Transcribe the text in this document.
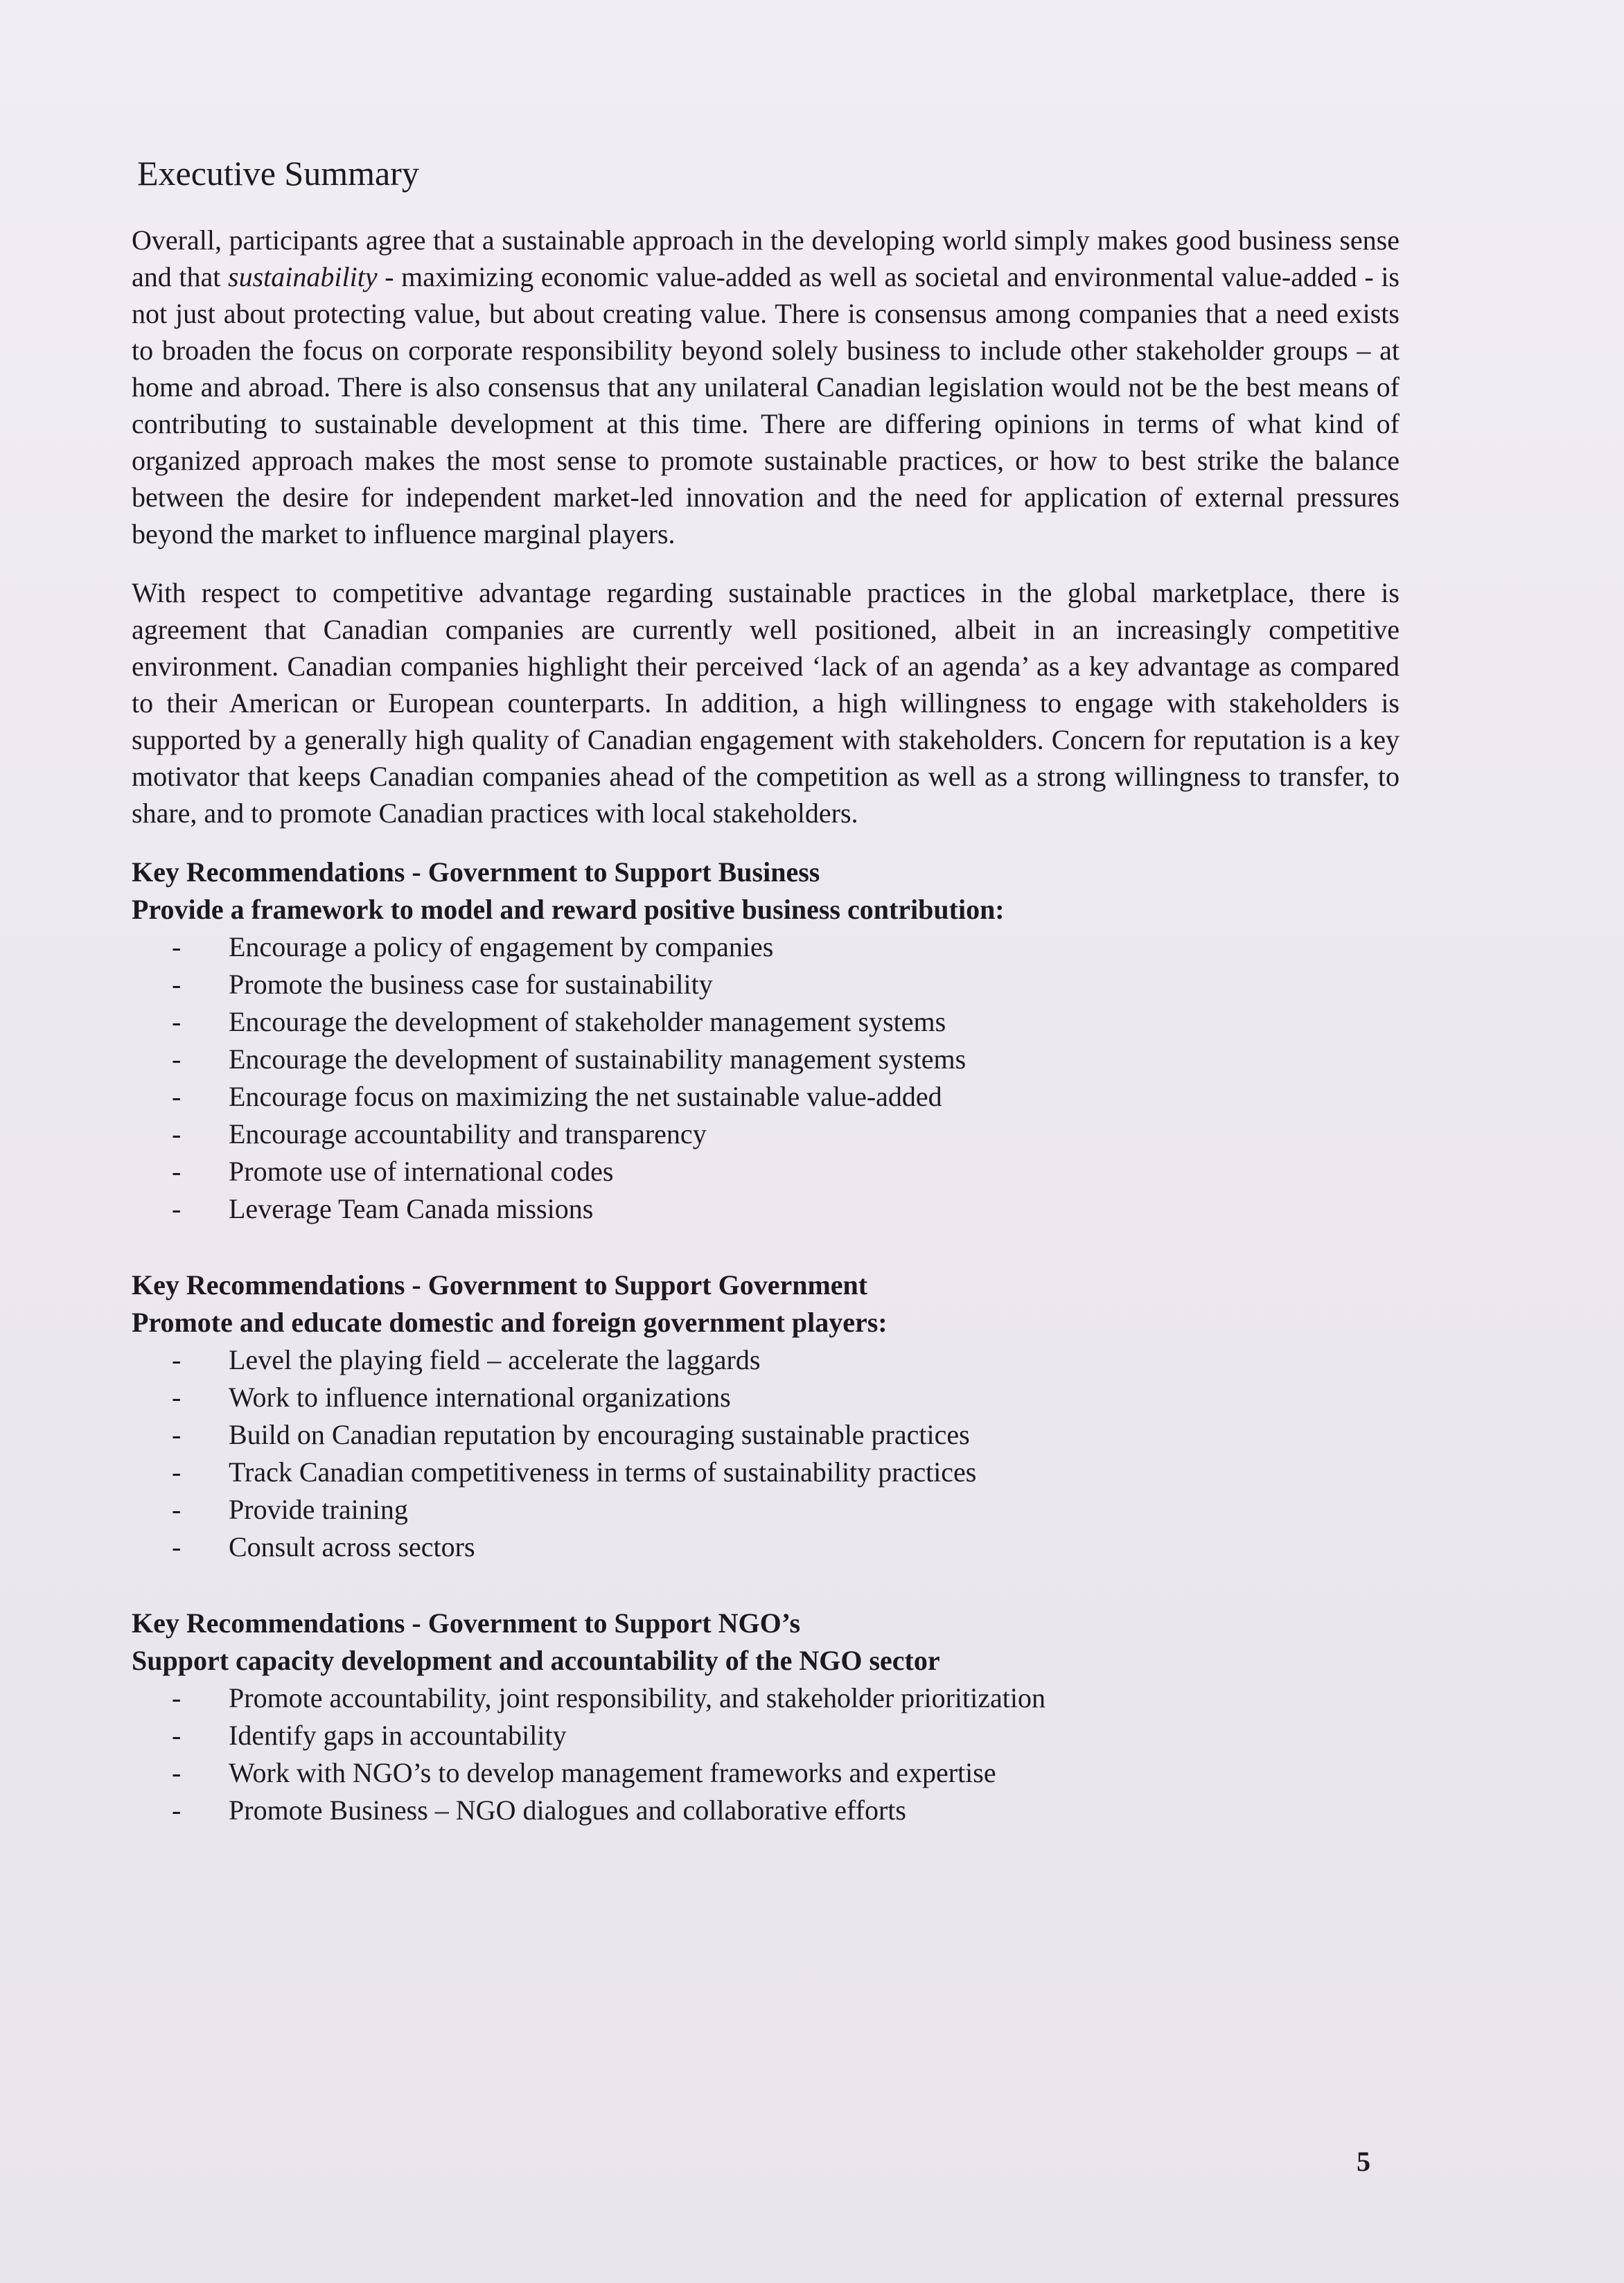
Executive Summary

Overall, participants agree that a sustainable approach in the developing world simply makes good business sense and that sustainability - maximizing economic value-added as well as societal and environmental value-added - is not just about protecting value, but about creating value. There is consensus among companies that a need exists to broaden the focus on corporate responsibility beyond solely business to include other stakeholder groups – at home and abroad. There is also consensus that any unilateral Canadian legislation would not be the best means of contributing to sustainable development at this time. There are differing opinions in terms of what kind of organized approach makes the most sense to promote sustainable practices, or how to best strike the balance between the desire for independent market-led innovation and the need for application of external pressures beyond the market to influence marginal players.

With respect to competitive advantage regarding sustainable practices in the global marketplace, there is agreement that Canadian companies are currently well positioned, albeit in an increasingly competitive environment. Canadian companies highlight their perceived ‘lack of an agenda’ as a key advantage as compared to their American or European counterparts. In addition, a high willingness to engage with stakeholders is supported by a generally high quality of Canadian engagement with stakeholders. Concern for reputation is a key motivator that keeps Canadian companies ahead of the competition as well as a strong willingness to transfer, to share, and to promote Canadian practices with local stakeholders.

Key Recommendations - Government to Support Business

Provide a framework to model and reward positive business contribution:

- Encourage a policy of engagement by companies
- Promote the business case for sustainability
- Encourage the development of stakeholder management systems
- Encourage the development of sustainability management systems
- Encourage focus on maximizing the net sustainable value-added
- Encourage accountability and transparency
- Promote use of international codes
- Leverage Team Canada missions

Key Recommendations - Government to Support Government

Promote and educate domestic and foreign government players:

- Level the playing field – accelerate the laggards
- Work to influence international organizations
- Build on Canadian reputation by encouraging sustainable practices
- Track Canadian competitiveness in terms of sustainability practices
- Provide training
- Consult across sectors

Key Recommendations - Government to Support NGO’s

Support capacity development and accountability of the NGO sector

- Promote accountability, joint responsibility, and stakeholder prioritization
- Identify gaps in accountability
- Work with NGO’s to develop management frameworks and expertise
- Promote Business – NGO dialogues and collaborative efforts
5
